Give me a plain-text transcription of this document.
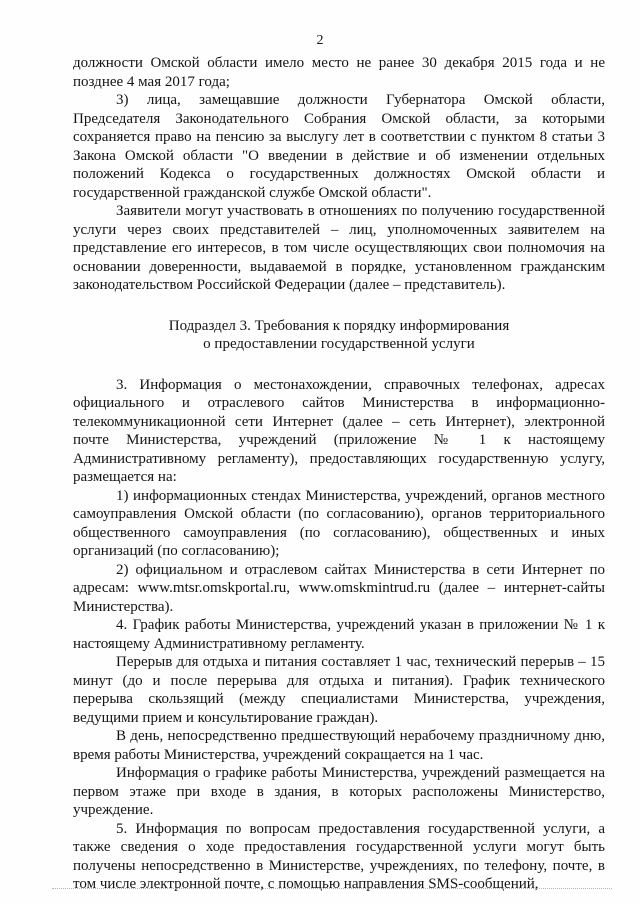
2

должности Омской области имело место не ранее 30 декабря 2015 года и не позднее 4 мая 2017 года;

3) лица, замещавшие должности Губернатора Омской области, Председателя Законодательного Собрания Омской области, за которыми сохраняется право на пенсию за выслугу лет в соответствии с пунктом 8 статьи 3 Закона Омской области "О введении в действие и об изменении отдельных положений Кодекса о государственных должностях Омской области и государственной гражданской службе Омской области".

Заявители могут участвовать в отношениях по получению государственной услуги через своих представителей – лиц, уполномоченных заявителем на представление его интересов, в том числе осуществляющих свои полномочия на основании доверенности, выдаваемой в порядке, установленном гражданским законодательством Российской Федерации (далее – представитель).

Подраздел 3. Требования к порядку информирования
о предоставлении государственной услуги

3. Информация о местонахождении, справочных телефонах, адресах официального и отраслевого сайтов Министерства в информационно-телекоммуникационной сети Интернет (далее – сеть Интернет), электронной почте Министерства, учреждений (приложение № 1 к настоящему Административному регламенту), предоставляющих государственную услугу, размещается на:

1) информационных стендах Министерства, учреждений, органов местного самоуправления Омской области (по согласованию), органов территориального общественного самоуправления (по согласованию), общественных и иных организаций (по согласованию);

2) официальном и отраслевом сайтах Министерства в сети Интернет по адресам: www.mtsr.omskportal.ru, www.omskmintrud.ru (далее – интернет-сайты Министерства).

4. График работы Министерства, учреждений указан в приложении № 1 к настоящему Административному регламенту.

Перерыв для отдыха и питания составляет 1 час, технический перерыв – 15 минут (до и после перерыва для отдыха и питания). График технического перерыва скользящий (между специалистами Министерства, учреждения, ведущими прием и консультирование граждан).

В день, непосредственно предшествующий нерабочему праздничному дню, время работы Министерства, учреждений сокращается на 1 час.

Информация о графике работы Министерства, учреждений размещается на первом этаже при входе в здания, в которых расположены Министерство, учреждение.

5. Информация по вопросам предоставления государственной услуги, а также сведения о ходе предоставления государственной услуги могут быть получены непосредственно в Министерстве, учреждениях, по телефону, почте, в том числе электронной почте, с помощью направления SMS-сообщений,
